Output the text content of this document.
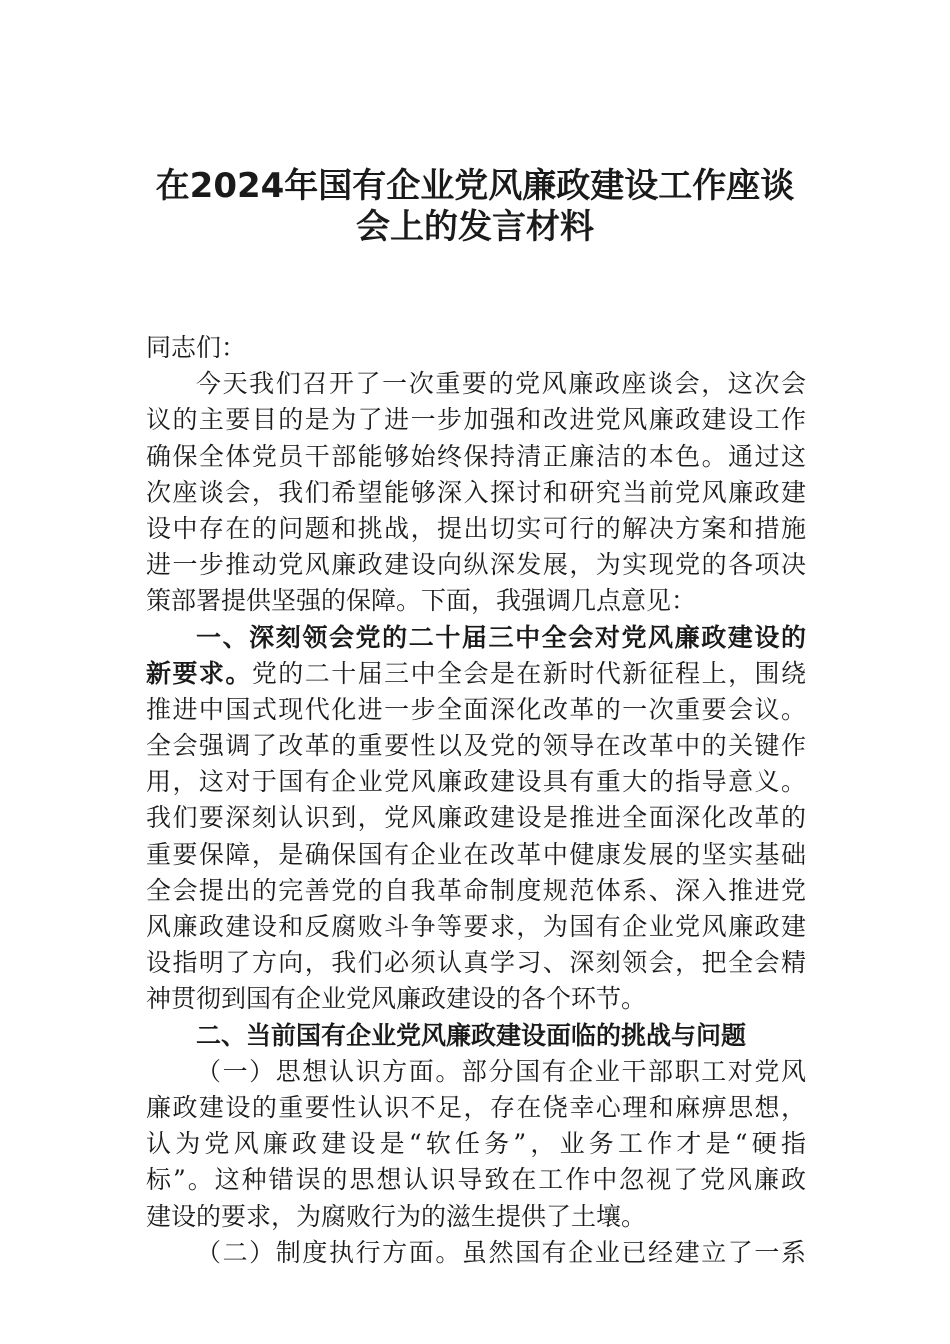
在2024年国有企业党风廉政建设工作座谈
会上的发言材料
同志们：
今天我们召开了一次重要的党风廉政座谈会，这次会
议的主要目的是为了进一步加强和改进党风廉政建设工作
确保全体党员干部能够始终保持清正廉洁的本色。通过这
次座谈会，我们希望能够深入探讨和研究当前党风廉政建
设中存在的问题和挑战，提出切实可行的解决方案和措施
进一步推动党风廉政建设向纵深发展，为实现党的各项决
策部署提供坚强的保障。下面，我强调几点意见：
一、深刻领会党的二十届三中全会对党风廉政建设的
新要求。党的二十届三中全会是在新时代新征程上，围绕
推进中国式现代化进一步全面深化改革的一次重要会议。
全会强调了改革的重要性以及党的领导在改革中的关键作
用，这对于国有企业党风廉政建设具有重大的指导意义。
我们要深刻认识到，党风廉政建设是推进全面深化改革的
重要保障，是确保国有企业在改革中健康发展的坚实基础
全会提出的完善党的自我革命制度规范体系、深入推进党
风廉政建设和反腐败斗争等要求，为国有企业党风廉政建
设指明了方向，我们必须认真学习、深刻领会，把全会精
神贯彻到国有企业党风廉政建设的各个环节。
二、当前国有企业党风廉政建设面临的挑战与问题
（一）思想认识方面。部分国有企业干部职工对党风
廉政建设的重要性认识不足，存在侥幸心理和麻痹思想，
认为党风廉政建设是“软任务”，业务工作才是“硬指
标”。这种错误的思想认识导致在工作中忽视了党风廉政
建设的要求，为腐败行为的滋生提供了土壤。
（二）制度执行方面。虽然国有企业已经建立了一系
